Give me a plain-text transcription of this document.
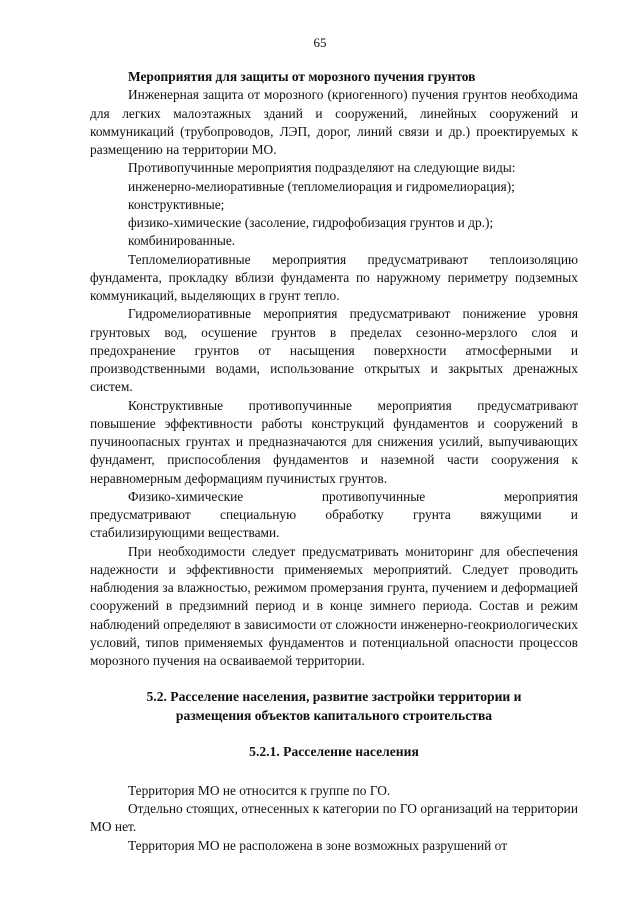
65

Мероприятия для защиты от морозного пучения грунтов

Инженерная защита от морозного (криогенного) пучения грунтов необходима для легких малоэтажных зданий и сооружений, линейных сооружений и коммуникаций (трубопроводов, ЛЭП, дорог, линий связи и др.) проектируемых к размещению на территории МО.

Противопучинные мероприятия подразделяют на следующие виды:

инженерно-мелиоративные (тепломелиорация и гидромелиорация);

конструктивные;

физико-химические (засоление, гидрофобизация грунтов и др.);

комбинированные.

Тепломелиоративные мероприятия предусматривают теплоизоляцию фундамента, прокладку вблизи фундамента по наружному периметру подземных коммуникаций, выделяющих в грунт тепло.

Гидромелиоративные мероприятия предусматривают понижение уровня грунтовых вод, осушение грунтов в пределах сезонно-мерзлого слоя и предохранение грунтов от насыщения поверхности атмосферными и производственными водами, использование открытых и закрытых дренажных систем.

Конструктивные противопучинные мероприятия предусматривают повышение эффективности работы конструкций фундаментов и сооружений в пучиноопасных грунтах и предназначаются для снижения усилий, выпучивающих фундамент, приспособления фундаментов и наземной части сооружения к неравномерным деформациям пучинистых грунтов.

Физико-химические	противопучинные	мероприятия
предусматривают специальную обработку грунта вяжущими и

стабилизирующими веществами.

При необходимости следует предусматривать мониторинг для обеспечения надежности и эффективности применяемых мероприятий. Следует проводить наблюдения за влажностью, режимом промерзания грунта, пучением и деформацией сооружений в предзимний период и в конце зимнего периода. Состав и режим наблюдений определяют в зависимости от сложности инженерно-геокриологических условий, типов применяемых фундаментов и потенциальной опасности процессов морозного пучения на осваиваемой территории.

5.2. Расселение населения, развитие застройки территории и
размещения объектов капитального строительства
5.2.1. Расселение населения

Территория МО не относится к группе по ГО.

Отдельно стоящих, отнесенных к категории по ГО организаций на территории МО нет.

Территория МО не расположена в зоне возможных разрушений от
